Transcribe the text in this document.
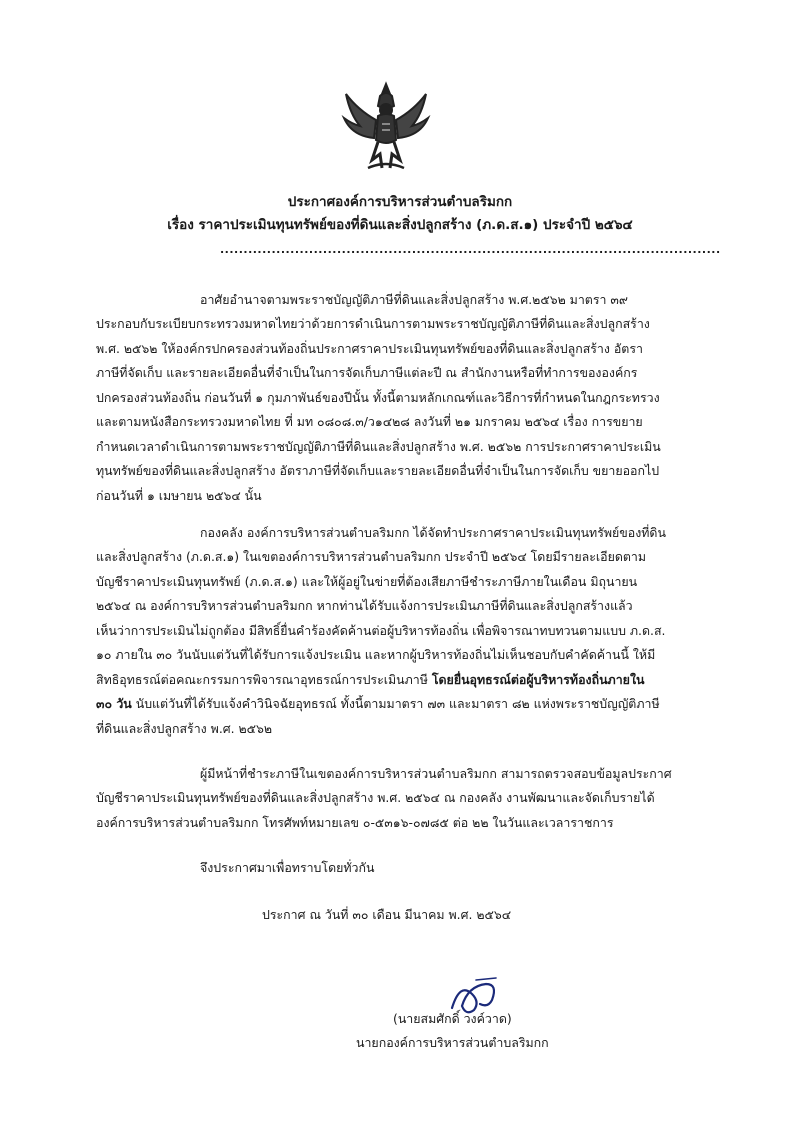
ประกาศองค์การบริหารส่วนตำบลริมกก
เรื่อง ราคาประเมินทุนทรัพย์ของที่ดินและสิ่งปลูกสร้าง (ภ.ด.ส.๑) ประจำปี ๒๕๖๔
...........................................................................................................
อาศัยอำนาจตามพระราชบัญญัติภาษีที่ดินและสิ่งปลูกสร้าง พ.ศ.๒๕๖๒ มาตรา ๓๙
ประกอบกับระเบียบกระทรวงมหาดไทยว่าด้วยการดำเนินการตามพระราชบัญญัติภาษีที่ดินและสิ่งปลูกสร้าง
พ.ศ. ๒๕๖๒ ให้องค์กรปกครองส่วนท้องถิ่นประกาศราคาประเมินทุนทรัพย์ของที่ดินและสิ่งปลูกสร้าง อัตรา
ภาษีที่จัดเก็บ และรายละเอียดอื่นที่จำเป็นในการจัดเก็บภาษีแต่ละปี ณ สำนักงานหรือที่ทำการขององค์กร
ปกครองส่วนท้องถิ่น ก่อนวันที่ ๑ กุมภาพันธ์ของปีนั้น ทั้งนี้ตามหลักเกณฑ์และวิธีการที่กำหนดในกฎกระทรวง
และตามหนังสือกระทรวงมหาดไทย ที่ มท ๐๘๐๘.๓/ว๑๔๒๘ ลงวันที่ ๒๑ มกราคม ๒๕๖๔ เรื่อง การขยาย
กำหนดเวลาดำเนินการตามพระราชบัญญัติภาษีที่ดินและสิ่งปลูกสร้าง พ.ศ. ๒๕๖๒ การประกาศราคาประเมิน
ทุนทรัพย์ของที่ดินและสิ่งปลูกสร้าง อัตราภาษีที่จัดเก็บและรายละเอียดอื่นที่จำเป็นในการจัดเก็บ ขยายออกไป
ก่อนวันที่ ๑ เมษายน ๒๕๖๔ นั้น
กองคลัง องค์การบริหารส่วนตำบลริมกก ได้จัดทำประกาศราคาประเมินทุนทรัพย์ของที่ดิน
และสิ่งปลูกสร้าง (ภ.ด.ส.๑) ในเขตองค์การบริหารส่วนตำบลริมกก ประจำปี ๒๕๖๔ โดยมีรายละเอียดตาม
บัญชีราคาประเมินทุนทรัพย์ (ภ.ด.ส.๑) และให้ผู้อยู่ในข่ายที่ต้องเสียภาษีชำระภาษีภายในเดือน มิถุนายน
๒๕๖๔ ณ องค์การบริหารส่วนตำบลริมกก หากท่านได้รับแจ้งการประเมินภาษีที่ดินและสิ่งปลูกสร้างแล้ว
เห็นว่าการประเมินไม่ถูกต้อง มีสิทธิ์ยื่นคำร้องคัดค้านต่อผู้บริหารท้องถิ่น เพื่อพิจารณาทบทวนตามแบบ ภ.ด.ส.
๑๐ ภายใน ๓๐ วันนับแต่วันที่ได้รับการแจ้งประเมิน และหากผู้บริหารท้องถิ่นไม่เห็นชอบกับคำคัดค้านนี้ ให้มี
สิทธิอุทธรณ์ต่อคณะกรรมการพิจารณาอุทธรณ์การประเมินภาษี โดยยื่นอุทธรณ์ต่อผู้บริหารท้องถิ่นภายใน
๓๐ วัน นับแต่วันที่ได้รับแจ้งคำวินิจฉัยอุทธรณ์ ทั้งนี้ตามมาตรา ๗๓ และมาตรา ๘๒ แห่งพระราชบัญญัติภาษี
ที่ดินและสิ่งปลูกสร้าง พ.ศ. ๒๕๖๒
ผู้มีหน้าที่ชำระภาษีในเขตองค์การบริหารส่วนตำบลริมกก สามารถตรวจสอบข้อมูลประกาศ
บัญชีราคาประเมินทุนทรัพย์ของที่ดินและสิ่งปลูกสร้าง พ.ศ. ๒๕๖๔ ณ กองคลัง งานพัฒนาและจัดเก็บรายได้
องค์การบริหารส่วนตำบลริมกก โทรศัพท์หมายเลข ๐-๕๓๑๖-๐๗๘๕ ต่อ ๒๒ ในวันและเวลาราชการ
จึงประกาศมาเพื่อทราบโดยทั่วกัน
ประกาศ ณ วันที่ ๓๐ เดือน มีนาคม พ.ศ. ๒๕๖๔
(นายสมศักดิ์ วงค์วาด)
นายกองค์การบริหารส่วนตำบลริมกก
